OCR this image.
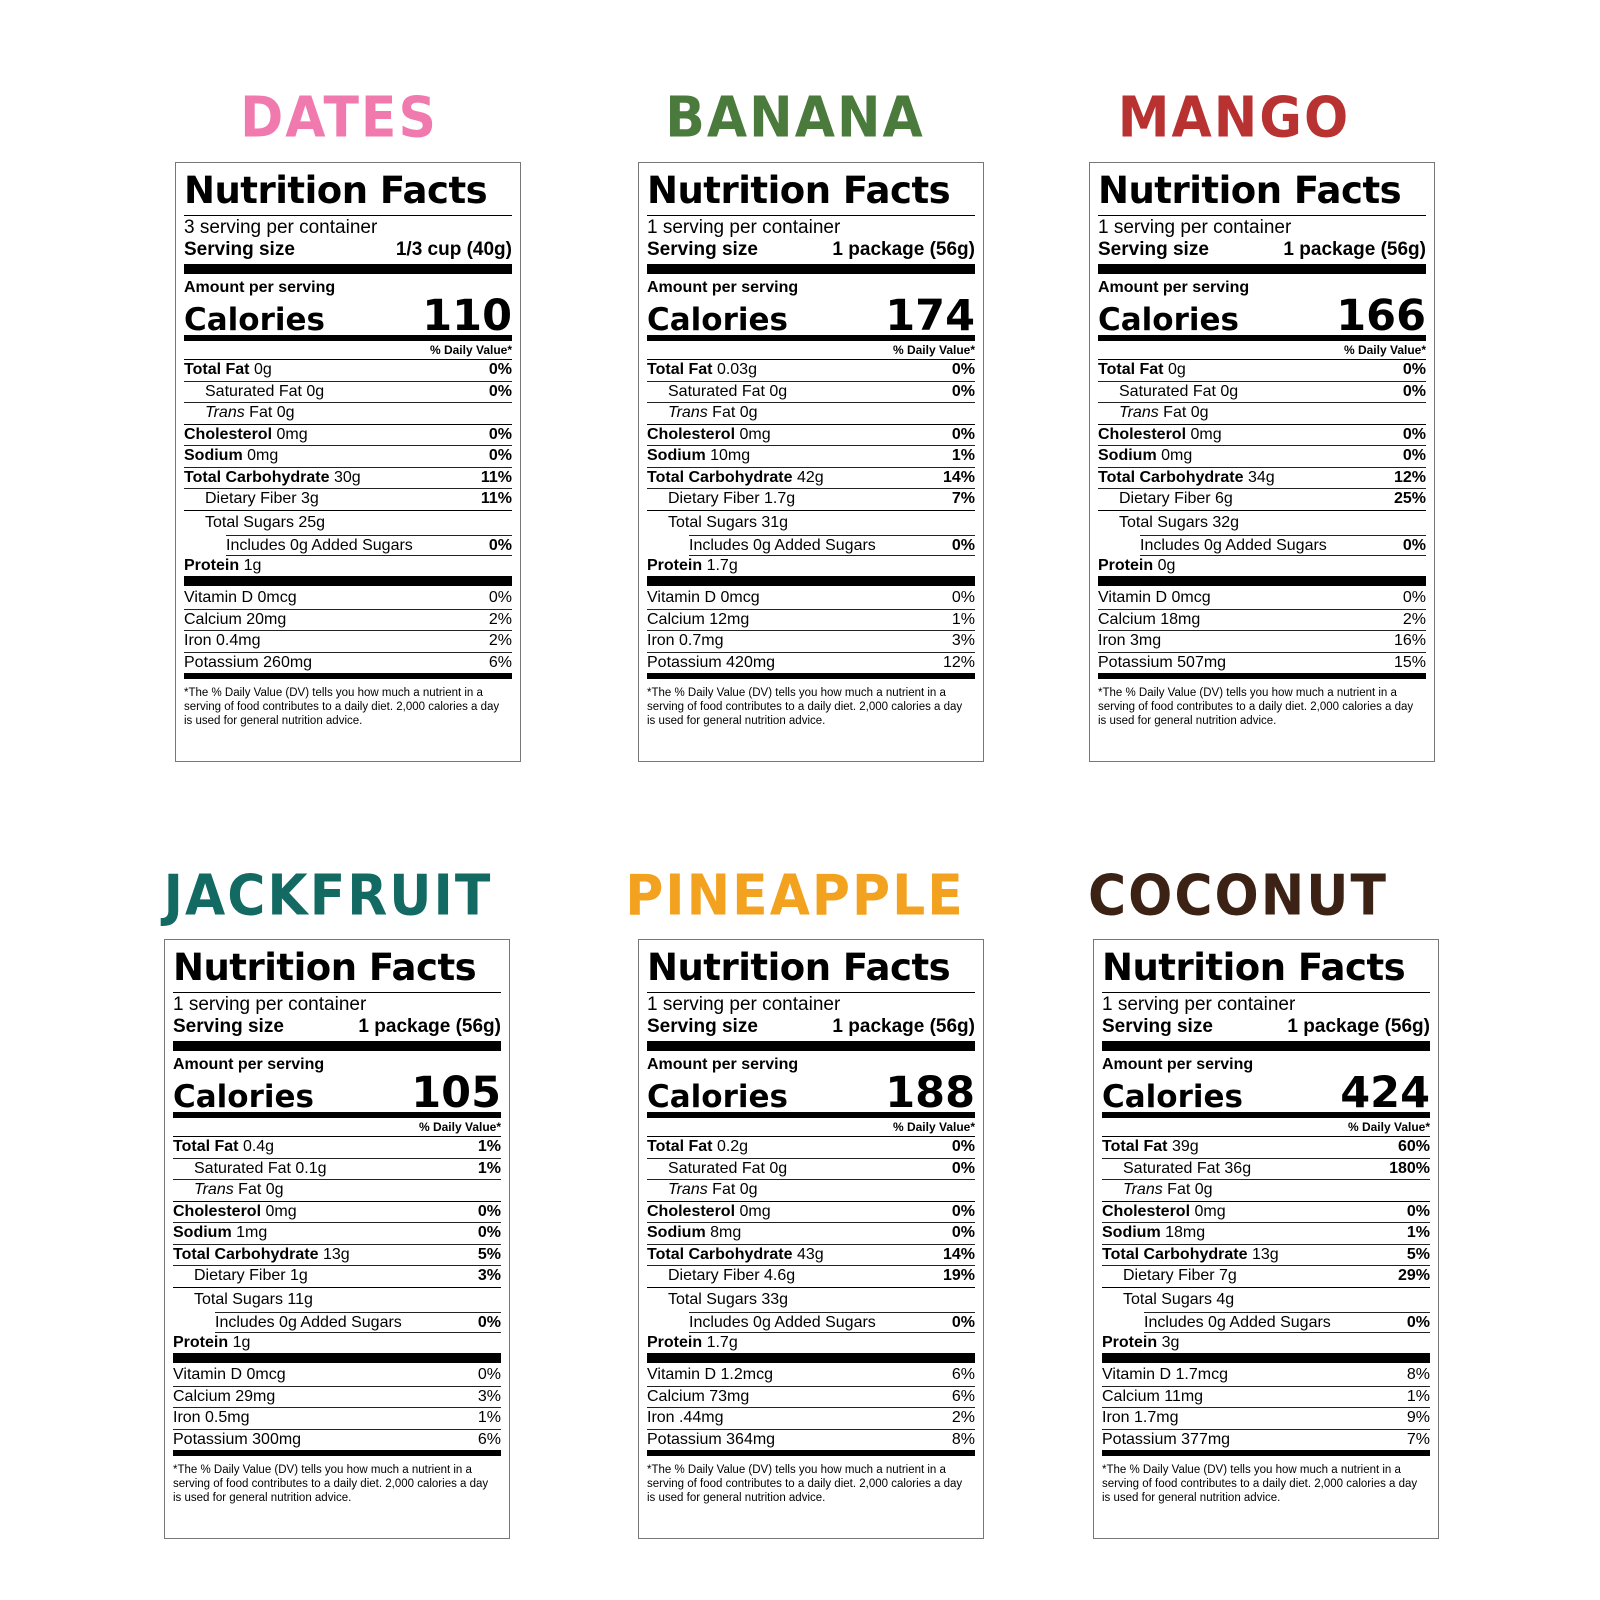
DATES	BANANA	MANGO
JACKFRUIT	PINEAPPLE	COCONUT
Nutrition Facts
3 serving per container
Serving size	1/3 cup (40g)
Amount per serving
Calories 110
% Daily Value*
Total Fat 0g	0%
Saturated Fat 0g	0%
Trans Fat 0g
Cholesterol 0mg	0%
Sodium 0mg	0%
Total Carbohydrate 30g	11%
Dietary Fiber 3g	11%
Total Sugars 25g
Includes 0g Added Sugars	0%
Protein 1g
Vitamin D 0mcg	0%
Calcium 20mg	2%
Iron 0.4mg	2%
Potassium 260mg	6%
*The % Daily Value (DV) tells you how much a nutrient in a serving of food contributes to a daily diet. 2,000 calories a day is used for general nutrition advice.
Nutrition Facts
1 serving per container
Serving size	1 package (56g)
Amount per serving
Calories 174
% Daily Value*
Total Fat 0.03g	0%
Saturated Fat 0g	0%
Trans Fat 0g
Cholesterol 0mg	0%
Sodium 10mg	1%
Total Carbohydrate 42g	14%
Dietary Fiber 1.7g	7%
Total Sugars 31g
Includes 0g Added Sugars	0%
Protein 1.7g
Vitamin D 0mcg	0%
Calcium 12mg	1%
Iron 0.7mg	3%
Potassium 420mg	12%
*The % Daily Value (DV) tells you how much a nutrient in a serving of food contributes to a daily diet. 2,000 calories a day is used for general nutrition advice.
Nutrition Facts
1 serving per container
Serving size	1 package (56g)
Amount per serving
Calories 166
% Daily Value*
Total Fat 0g	0%
Saturated Fat 0g	0%
Trans Fat 0g
Cholesterol 0mg	0%
Sodium 0mg	0%
Total Carbohydrate 34g	12%
Dietary Fiber 6g	25%
Total Sugars 32g
Includes 0g Added Sugars	0%
Protein 0g
Vitamin D 0mcg	0%
Calcium 18mg	2%
Iron 3mg	16%
Potassium 507mg	15%
*The % Daily Value (DV) tells you how much a nutrient in a serving of food contributes to a daily diet. 2,000 calories a day is used for general nutrition advice.
Nutrition Facts
1 serving per container
Serving size	1 package (56g)
Amount per serving
Calories 105
% Daily Value*
Total Fat 0.4g	1%
Saturated Fat 0.1g	1%
Trans Fat 0g
Cholesterol 0mg	0%
Sodium 1mg	0%
Total Carbohydrate 13g	5%
Dietary Fiber 1g	3%
Total Sugars 11g
Includes 0g Added Sugars	0%
Protein 1g
Vitamin D 0mcg	0%
Calcium 29mg	3%
Iron 0.5mg	1%
Potassium 300mg	6%
*The % Daily Value (DV) tells you how much a nutrient in a serving of food contributes to a daily diet. 2,000 calories a day is used for general nutrition advice.
Nutrition Facts
1 serving per container
Serving size	1 package (56g)
Amount per serving
Calories 188
% Daily Value*
Total Fat 0.2g	0%
Saturated Fat 0g	0%
Trans Fat 0g
Cholesterol 0mg	0%
Sodium 8mg	0%
Total Carbohydrate 43g	14%
Dietary Fiber 4.6g	19%
Total Sugars 33g
Includes 0g Added Sugars	0%
Protein 1.7g
Vitamin D 1.2mcg	6%
Calcium 73mg	6%
Iron .44mg	2%
Potassium 364mg	8%
*The % Daily Value (DV) tells you how much a nutrient in a serving of food contributes to a daily diet. 2,000 calories a day is used for general nutrition advice.
Nutrition Facts
1 serving per container
Serving size	1 package (56g)
Amount per serving
Calories 424
% Daily Value*
Total Fat 39g	60%
Saturated Fat 36g	180%
Trans Fat 0g
Cholesterol 0mg	0%
Sodium 18mg	1%
Total Carbohydrate 13g	5%
Dietary Fiber 7g	29%
Total Sugars 4g
Includes 0g Added Sugars	0%
Protein 3g
Vitamin D 1.7mcg	8%
Calcium 11mg	1%
Iron 1.7mg	9%
Potassium 377mg	7%
*The % Daily Value (DV) tells you how much a nutrient in a serving of food contributes to a daily diet. 2,000 calories a day is used for general nutrition advice.
